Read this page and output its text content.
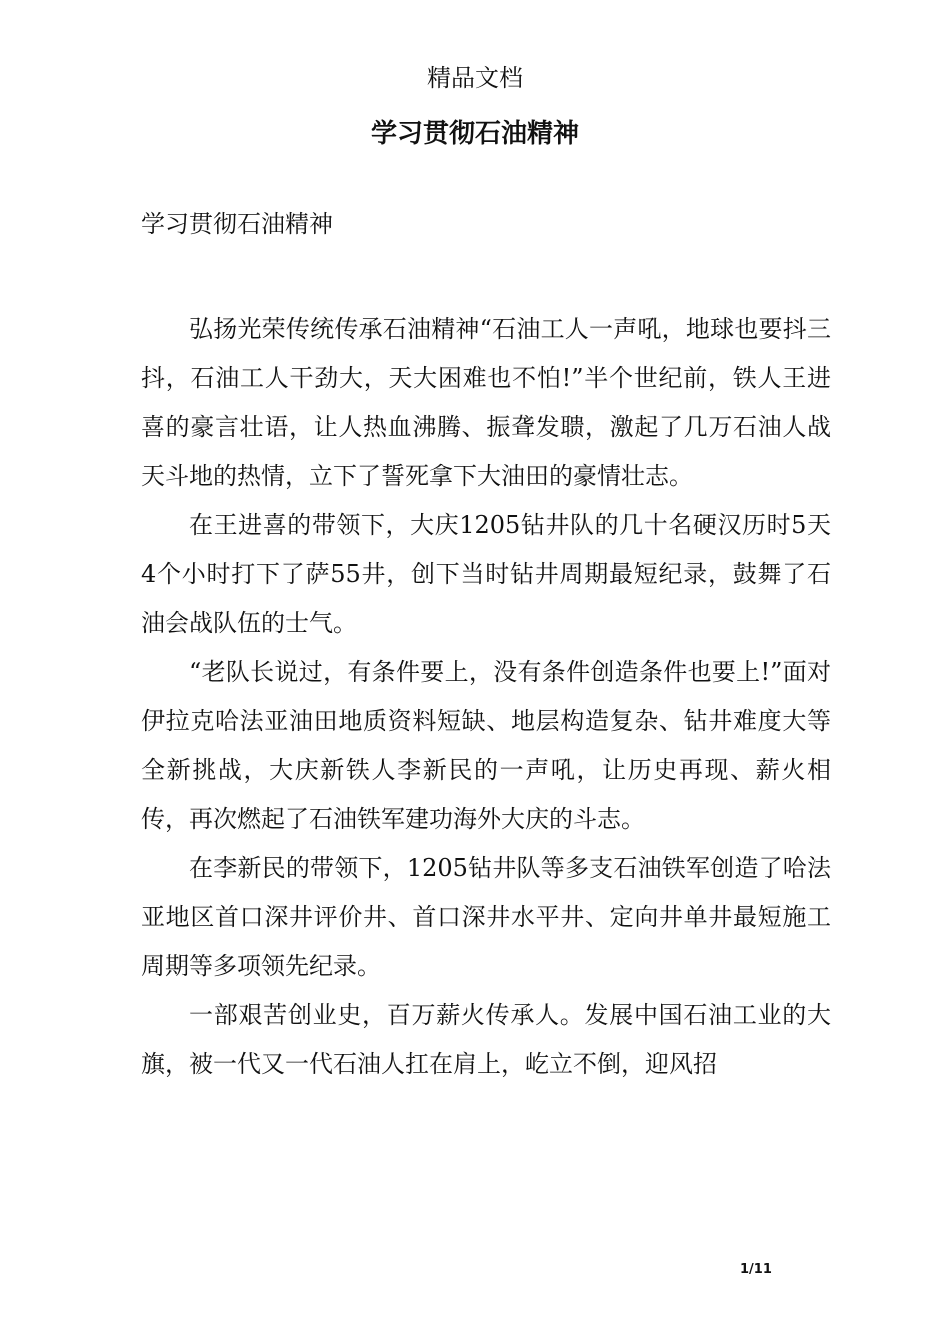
精品文档
学习贯彻石油精神
学习贯彻石油精神

弘扬光荣传统传承石油精神“石油工人一声吼，地球也要抖三抖，石油工人干劲大，天大困难也不怕!”半个世纪前，铁人王进喜的豪言壮语，让人热血沸腾、振聋发聩，激起了几万石油人战天斗地的热情，立下了誓死拿下大油田的豪情壮志。

在王进喜的带领下，大庆1205钻井队的几十名硬汉历时5天4个小时打下了萨55井，创下当时钻井周期最短纪录，鼓舞了石油会战队伍的士气。

“老队长说过，有条件要上，没有条件创造条件也要上!”面对伊拉克哈法亚油田地质资料短缺、地层构造复杂、钻井难度大等全新挑战，大庆新铁人李新民的一声吼，让历史再现、薪火相传，再次燃起了石油铁军建功海外大庆的斗志。

在李新民的带领下，1205钻井队等多支石油铁军创造了哈法亚地区首口深井评价井、首口深井水平井、定向井单井最短施工周期等多项领先纪录。

一部艰苦创业史，百万薪火传承人。发展中国石油工业的大旗，被一代又一代石油人扛在肩上，屹立不倒，迎风招

1/11
